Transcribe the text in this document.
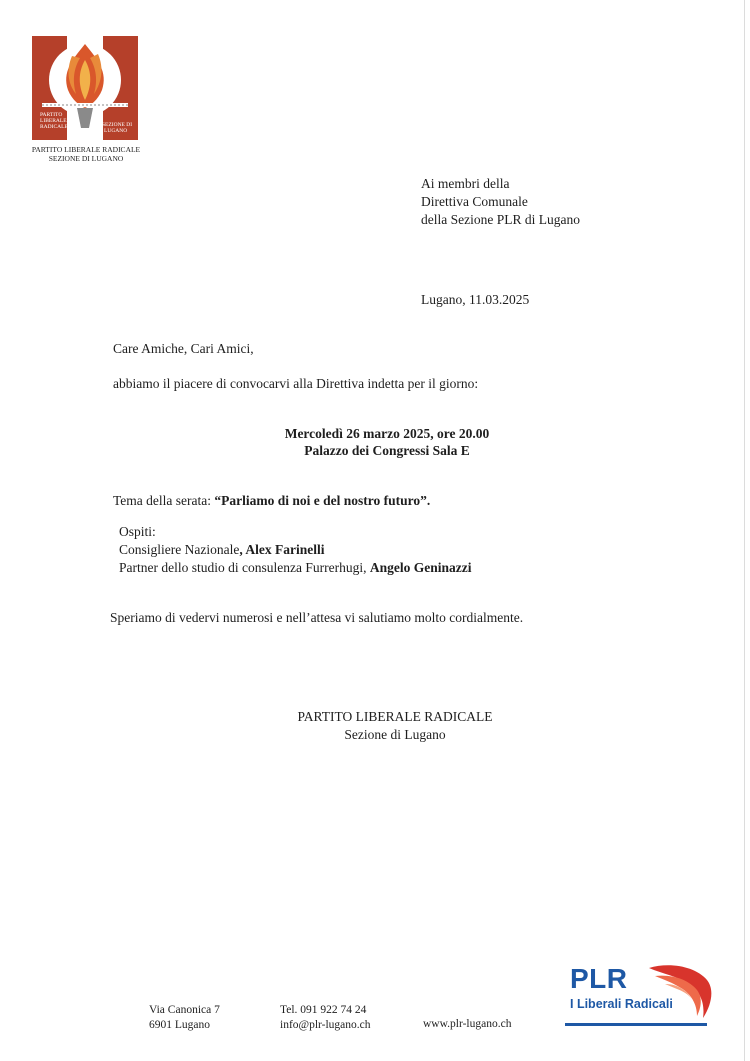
PARTITO
LIBERALE
RADICALE	SEZIONE DI
LUGANO
PARTITO LIBERALE RADICALE
SEZIONE DI LUGANO
Ai membri della
Direttiva Comunale
della Sezione PLR di Lugano
Lugano, 11.03.2025
Care Amiche, Cari Amici,
abbiamo il piacere di convocarvi alla Direttiva indetta per il giorno:
Mercoledì 26 marzo 2025, ore 20.00
Palazzo dei Congressi Sala E
Tema della serata: “Parliamo di noi e del nostro futuro”.
Ospiti:
Consigliere Nazionale, Alex Farinelli
Partner dello studio di consulenza Furrerhugi, Angelo Geninazzi
Speriamo di vedervi numerosi e nell’attesa vi salutiamo molto cordialmente.
PARTITO LIBERALE RADICALE
Sezione di Lugano
Via Canonica 7
6901 Lugano
Tel. 091 922 74 24
info@plr-lugano.ch	www.plr-lugano.ch
PLR
I Liberali Radicali
